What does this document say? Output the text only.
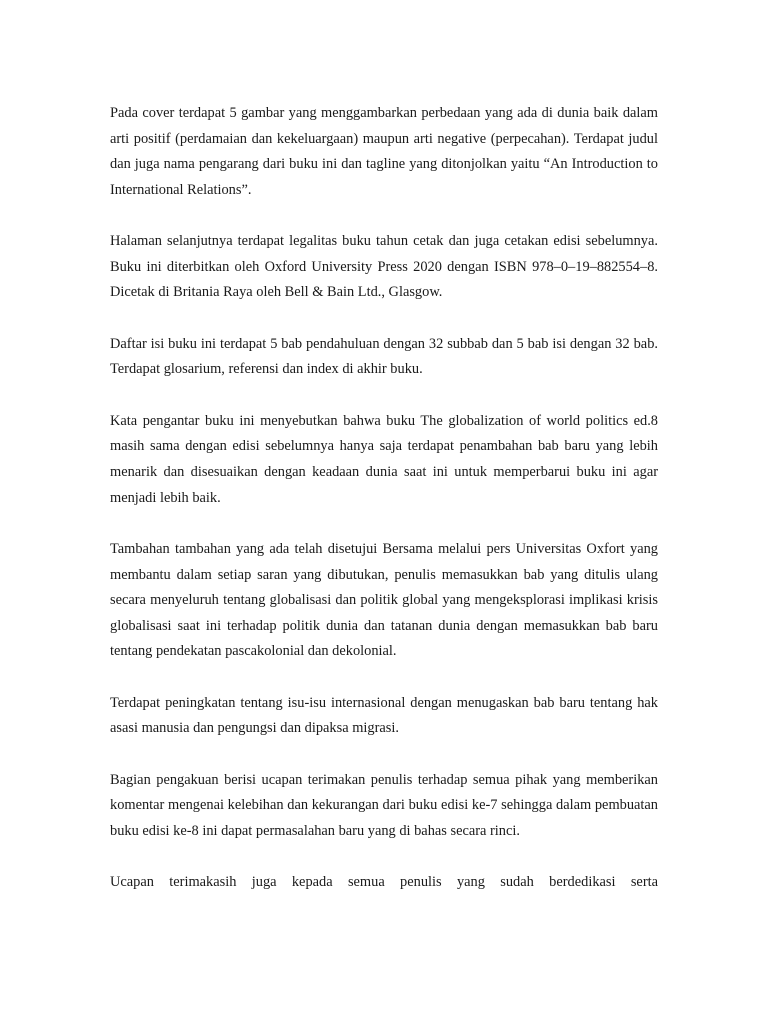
Pada cover terdapat 5 gambar yang menggambarkan perbedaan yang ada di dunia baik dalam arti positif (perdamaian dan kekeluargaan) maupun arti negative (perpecahan). Terdapat judul dan juga nama pengarang dari buku ini dan tagline yang ditonjolkan yaitu “An Introduction to International Relations”.

Halaman selanjutnya terdapat legalitas buku tahun cetak dan juga cetakan edisi sebelumnya. Buku ini diterbitkan oleh Oxford University Press 2020 dengan ISBN 978–0–19–882554–8. Dicetak di Britania Raya oleh Bell & Bain Ltd., Glasgow.

Daftar isi buku ini terdapat 5 bab pendahuluan dengan 32 subbab dan 5 bab isi dengan 32 bab. Terdapat glosarium, referensi dan index di akhir buku.

Kata pengantar buku ini menyebutkan bahwa buku The globalization of world politics ed.8 masih sama dengan edisi sebelumnya hanya saja terdapat penambahan bab baru yang lebih menarik dan disesuaikan dengan keadaan dunia saat ini untuk memperbarui buku ini agar menjadi lebih baik.

Tambahan tambahan yang ada telah disetujui Bersama melalui pers Universitas Oxfort yang membantu dalam setiap saran yang dibutukan, penulis memasukkan bab yang ditulis ulang secara menyeluruh tentang globalisasi dan politik global yang mengeksplorasi implikasi krisis globalisasi saat ini terhadap politik dunia dan tatanan dunia dengan memasukkan bab baru tentang pendekatan pascakolonial dan dekolonial.

Terdapat peningkatan tentang isu-isu internasional dengan menugaskan bab baru tentang hak asasi manusia dan pengungsi dan dipaksa migrasi.

Bagian pengakuan berisi ucapan terimakan penulis terhadap semua pihak yang memberikan komentar mengenai kelebihan dan kekurangan dari buku edisi ke-7 sehingga dalam pembuatan buku edisi ke-8 ini dapat permasalahan baru yang di bahas secara rinci.

Ucapan terimakasih juga kepada semua penulis yang sudah berdedikasi serta
